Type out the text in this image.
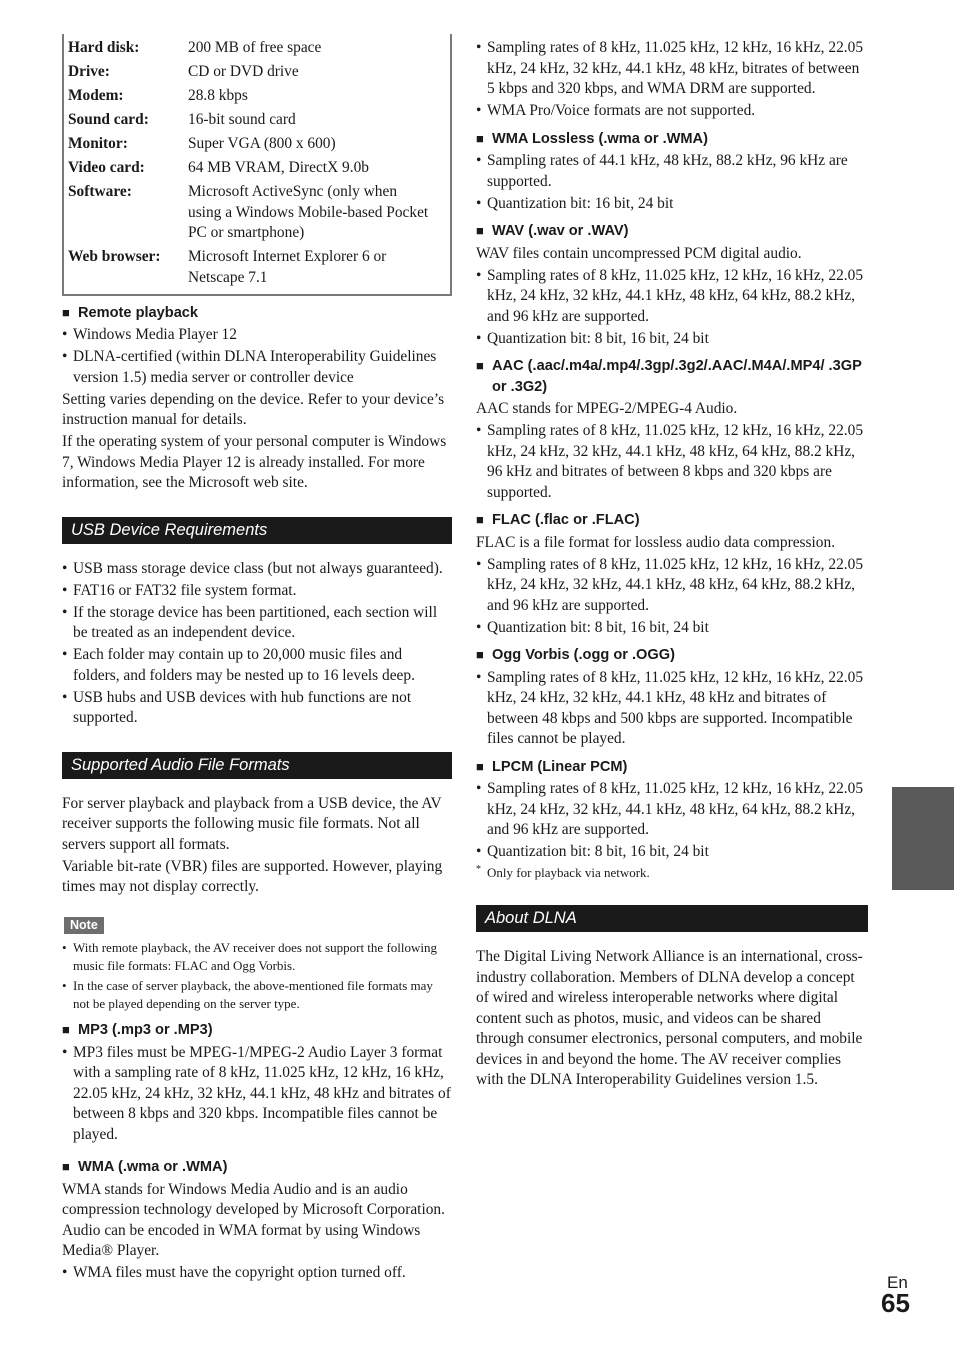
Hard disk:	200 MB of free space
Drive:	CD or DVD drive
Modem:	28.8 kbps
Sound card:	16-bit sound card
Monitor:	Super VGA (800 x 600)
Video card:	64 MB VRAM, DirectX 9.0b
Software:	Microsoft ActiveSync (only when using a Windows Mobile-based Pocket PC or smartphone)
Web browser:	Microsoft Internet Explorer 6 or Netscape 7.1
■ Remote playback
• Windows Media Player 12
• DLNA-certified (within DLNA Interoperability Guidelines version 1.5) media server or controller device

Setting varies depending on the device. Refer to your device’s instruction manual for details.

If the operating system of your personal computer is Windows 7, Windows Media Player 12 is already installed. For more information, see the Microsoft web site.

USB Device Requirements
• USB mass storage device class (but not always guaranteed).
• FAT16 or FAT32 file system format.
• If the storage device has been partitioned, each section will be treated as an independent device.
• Each folder may contain up to 20,000 music files and folders, and folders may be nested up to 16 levels deep.
• USB hubs and USB devices with hub functions are not supported.
Supported Audio File Formats

For server playback and playback from a USB device, the AV receiver supports the following music file formats. Not all servers support all formats.

Variable bit-rate (VBR) files are supported. However, playing times may not display correctly.

Note
• With remote playback, the AV receiver does not support the following music file formats: FLAC and Ogg Vorbis.
• In the case of server playback, the above-mentioned file formats may not be played depending on the server type.
■ MP3 (.mp3 or .MP3)
• MP3 files must be MPEG-1/MPEG-2 Audio Layer 3 format with a sampling rate of 8 kHz, 11.025 kHz, 12 kHz, 16 kHz, 22.05 kHz, 24 kHz, 32 kHz, 44.1 kHz, 48 kHz and bitrates of between 8 kbps and 320 kbps. Incompatible files cannot be played.
■ WMA (.wma or .WMA)

WMA stands for Windows Media Audio and is an audio compression technology developed by Microsoft Corporation. Audio can be encoded in WMA format by using Windows Media® Player.

• WMA files must have the copyright option turned off.
• Sampling rates of 8 kHz, 11.025 kHz, 12 kHz, 16 kHz, 22.05 kHz, 24 kHz, 32 kHz, 44.1 kHz, 48 kHz, bitrates of between 5 kbps and 320 kbps, and WMA DRM are supported.
• WMA Pro/Voice formats are not supported.
■ WMA Lossless (.wma or .WMA)
• Sampling rates of 44.1 kHz, 48 kHz, 88.2 kHz, 96 kHz are supported.
• Quantization bit: 16 bit, 24 bit
■ WAV (.wav or .WAV)

WAV files contain uncompressed PCM digital audio.

• Sampling rates of 8 kHz, 11.025 kHz, 12 kHz, 16 kHz, 22.05 kHz, 24 kHz, 32 kHz, 44.1 kHz, 48 kHz, 64 kHz, 88.2 kHz, and 96 kHz are supported.
• Quantization bit: 8 bit, 16 bit, 24 bit
■ AAC (.aac/.m4a/.mp4/.3gp/.3g2/.AAC/.M4A/.MP4/ .3GP or .3G2)

AAC stands for MPEG-2/MPEG-4 Audio.

• Sampling rates of 8 kHz, 11.025 kHz, 12 kHz, 16 kHz, 22.05 kHz, 24 kHz, 32 kHz, 44.1 kHz, 48 kHz, 64 kHz, 88.2 kHz, 96 kHz and bitrates of between 8 kbps and 320 kbps are supported.
■ FLAC (.flac or .FLAC)

FLAC is a file format for lossless audio data compression.

• Sampling rates of 8 kHz, 11.025 kHz, 12 kHz, 16 kHz, 22.05 kHz, 24 kHz, 32 kHz, 44.1 kHz, 48 kHz, 64 kHz, 88.2 kHz, and 96 kHz are supported.
• Quantization bit: 8 bit, 16 bit, 24 bit
■ Ogg Vorbis (.ogg or .OGG)
• Sampling rates of 8 kHz, 11.025 kHz, 12 kHz, 16 kHz, 22.05 kHz, 24 kHz, 32 kHz, 44.1 kHz, 48 kHz and bitrates of between 48 kbps and 500 kbps are supported. Incompatible files cannot be played.
■ LPCM (Linear PCM)
• Sampling rates of 8 kHz, 11.025 kHz, 12 kHz, 16 kHz, 22.05 kHz, 24 kHz, 32 kHz, 44.1 kHz, 48 kHz, 64 kHz, 88.2 kHz, and 96 kHz are supported.
• Quantization bit: 8 bit, 16 bit, 24 bit
* Only for playback via network.
About DLNA

The Digital Living Network Alliance is an international, cross-industry collaboration. Members of DLNA develop a concept of wired and wireless interoperable networks where digital content such as photos, music, and videos can be shared through consumer electronics, personal computers, and mobile devices in and beyond the home. The AV receiver complies with the DLNA Interoperability Guidelines version 1.5.

En
65
